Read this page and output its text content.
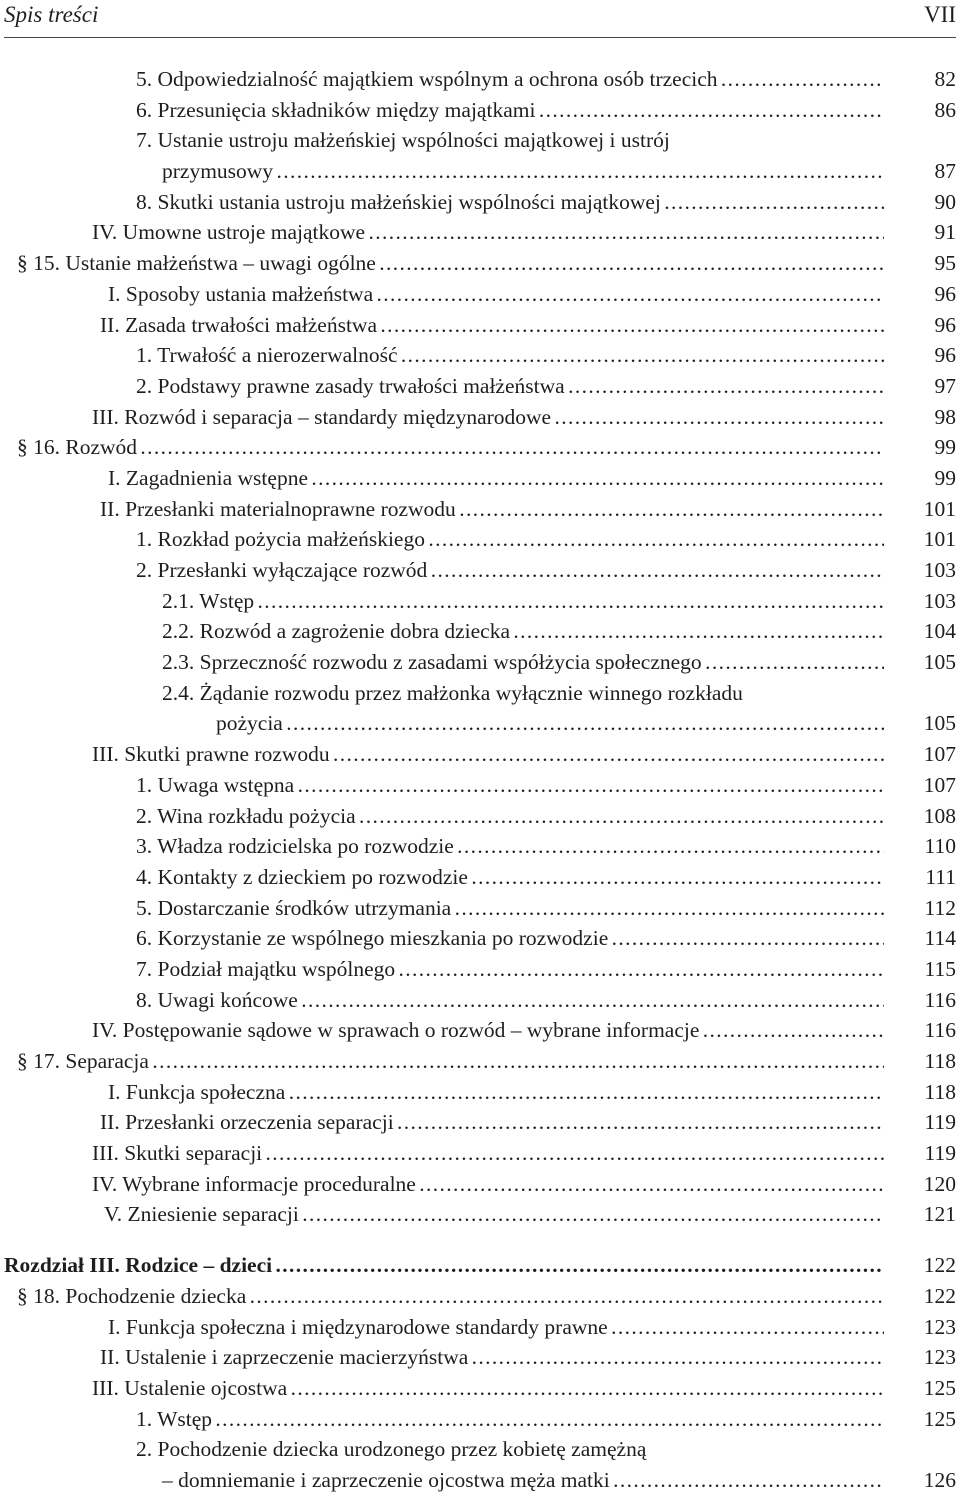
Spis treści	VII
5. Odpowiedzialność majątkiem wspólnym a ochrona osób trzecich . . .	82
6. Przesunięcia składników między majątkami . . .	86
7. Ustanie ustroju małżeńskiej wspólności majątkowej i ustrój
przymusowy . . .	87
8. Skutki ustania ustroju małżeńskiej wspólności majątkowej . . .	90
IV. Umowne ustroje majątkowe . . .	91
§ 15. Ustanie małżeństwa – uwagi ogólne . . .	95
I. Sposoby ustania małżeństwa . . .	96
II. Zasada trwałości małżeństwa . . .	96
1. Trwałość a nierozerwalność . . .	96
2. Podstawy prawne zasady trwałości małżeństwa . . .	97
III. Rozwód i separacja – standardy międzynarodowe . . .	98
§ 16. Rozwód . . .	99
I. Zagadnienia wstępne . . .	99
II. Przesłanki materialnoprawne rozwodu . . .	101
1. Rozkład pożycia małżeńskiego . . .	101
2. Przesłanki wyłączające rozwód . . .	103
2.1. Wstęp . . .	103
2.2. Rozwód a zagrożenie dobra dziecka . . .	104
2.3. Sprzeczność rozwodu z zasadami współżycia społecznego . . .	105
2.4. Żądanie rozwodu przez małżonka wyłącznie winnego rozkładu
pożycia . . .	105
III. Skutki prawne rozwodu . . .	107
1. Uwaga wstępna . . .	107
2. Wina rozkładu pożycia . . .	108
3. Władza rodzicielska po rozwodzie . . .	110
4. Kontakty z dzieckiem po rozwodzie . . .	111
5. Dostarczanie środków utrzymania . . .	112
6. Korzystanie ze wspólnego mieszkania po rozwodzie . . .	114
7. Podział majątku wspólnego . . .	115
8. Uwagi końcowe . . .	116
IV. Postępowanie sądowe w sprawach o rozwód – wybrane informacje . . .	116
§ 17. Separacja . . .	118
I. Funkcja społeczna . . .	118
II. Przesłanki orzeczenia separacji . . .	119
III. Skutki separacji . . .	119
IV. Wybrane informacje proceduralne . . .	120
V. Zniesienie separacji . . .	121
Rozdział III. Rodzice – dzieci . . .	122
§ 18. Pochodzenie dziecka . . .	122
I. Funkcja społeczna i międzynarodowe standardy prawne . . .	123
II. Ustalenie i zaprzeczenie macierzyństwa . . .	123
III. Ustalenie ojcostwa . . .	125
1. Wstęp . . .	125
2. Pochodzenie dziecka urodzonego przez kobietę zamężną
– domniemanie i zaprzeczenie ojcostwa męża matki . . .	126
